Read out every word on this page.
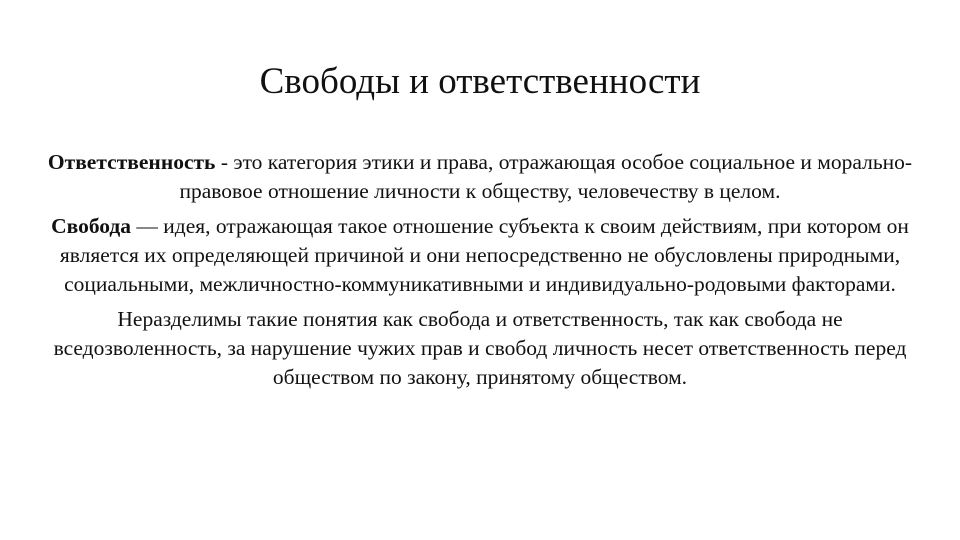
Свободы и ответственности

Ответственность - это категория этики и права, отражающая особое социальное и морально-правовое отношение личности к обществу, человечеству в целом.

Свобода — идея, отражающая такое отношение субъекта к своим действиям, при котором он является их определяющей причиной и они непосредственно не обусловлены природными, социальными, межличностно-коммуникативными и индивидуально-родовыми факторами.

Неразделимы такие понятия как свобода и ответственность, так как свобода не вседозволенность, за нарушение чужих прав и свобод личность несет ответственность перед обществом по закону, принятому обществом.
